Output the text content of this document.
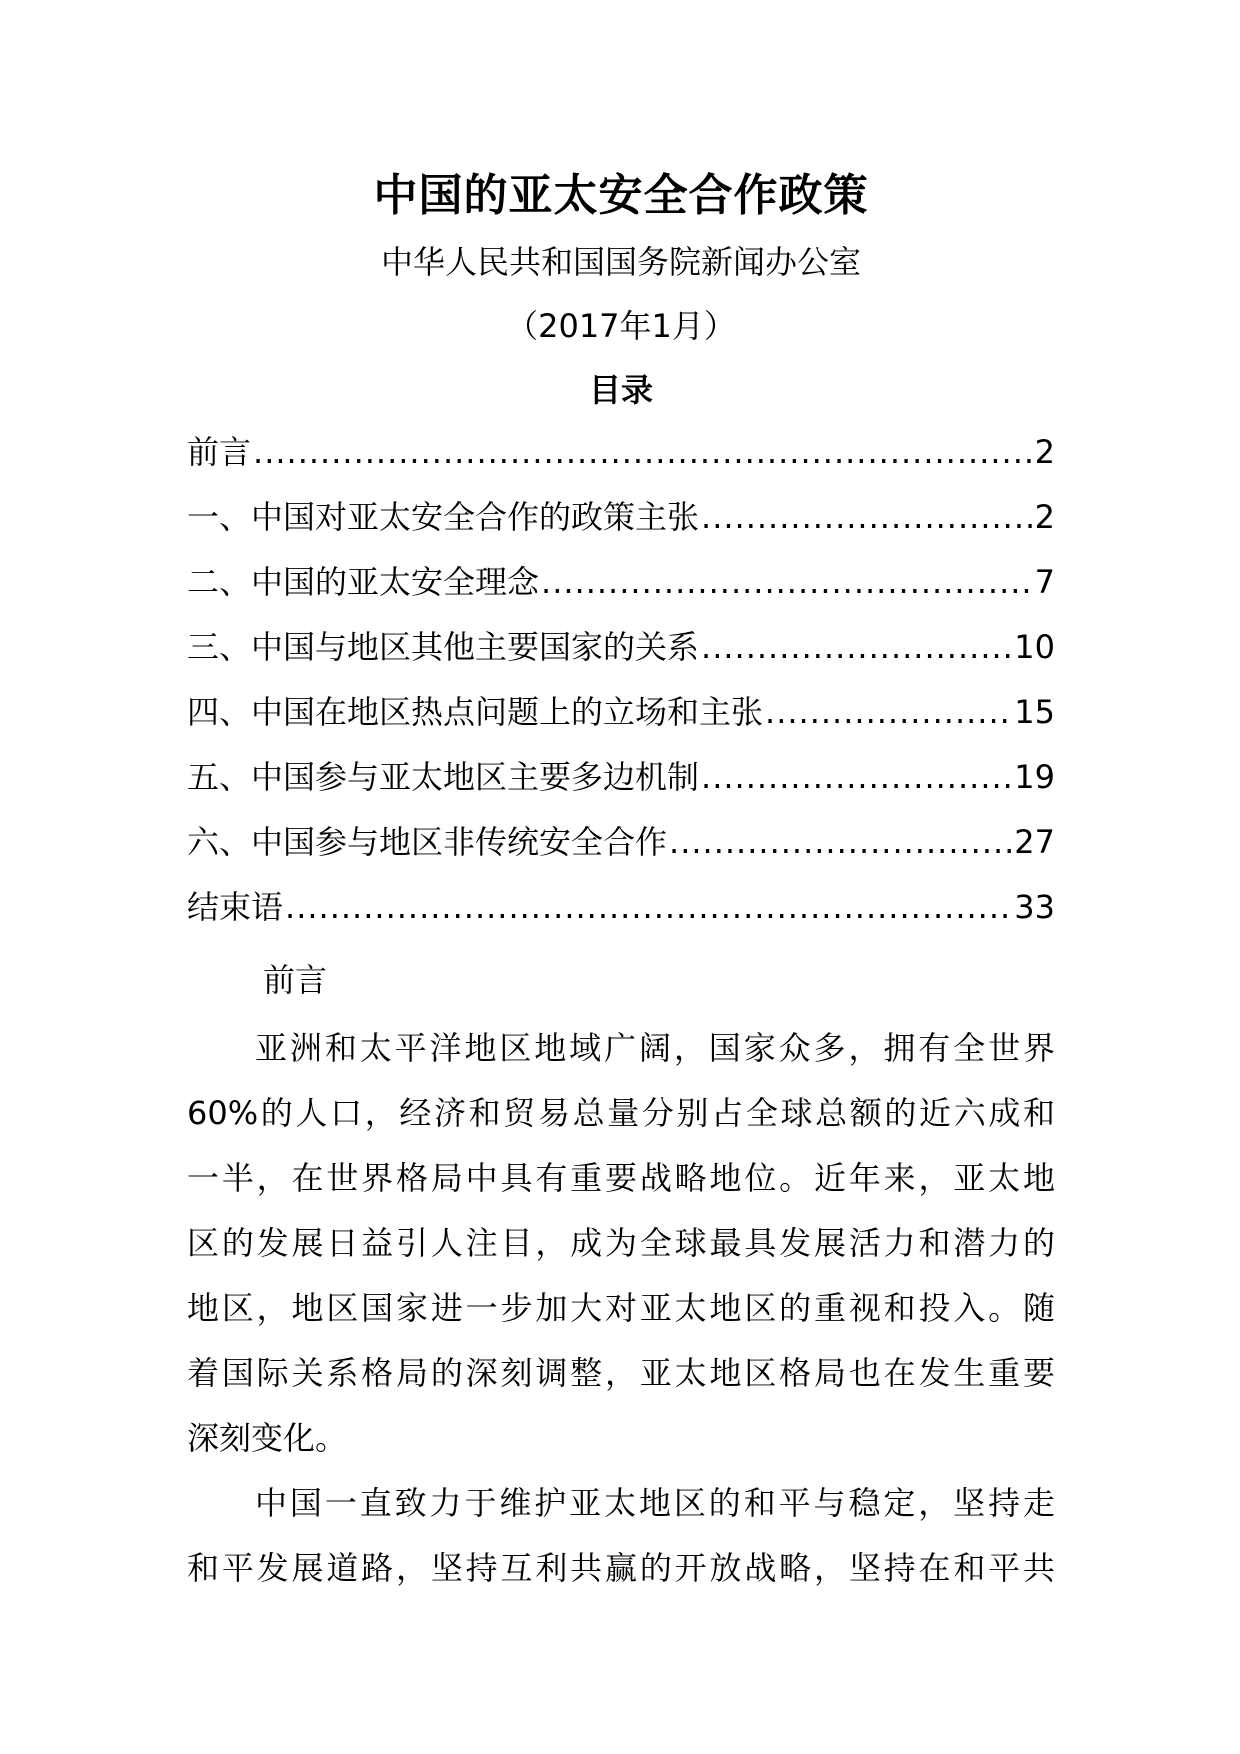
中国的亚太安全合作政策
中华人民共和国国务院新闻办公室
（2017年1月）
目录
前言 .....	2
一、中国对亚太安全合作的政策主张 .....	2
二、中国的亚太安全理念 .....	7
三、中国与地区其他主要国家的关系 .....	10
四、中国在地区热点问题上的立场和主张 .....	15
五、中国参与亚太地区主要多边机制 .....	19
六、中国参与地区非传统安全合作 .....	27
结束语 .....	33
前言

亚洲和太平洋地区地域广阔，国家众多，拥有全世界
60%的人口，经济和贸易总量分别占全球总额的近六成和
一半，在世界格局中具有重要战略地位。近年来，亚太地
区的发展日益引人注目，成为全球最具发展活力和潜力的
地区，地区国家进一步加大对亚太地区的重视和投入。随
着国际关系格局的深刻调整，亚太地区格局也在发生重要
深刻变化。

中国一直致力于维护亚太地区的和平与稳定，坚持走
和平发展道路，坚持互利共赢的开放战略，坚持在和平共
